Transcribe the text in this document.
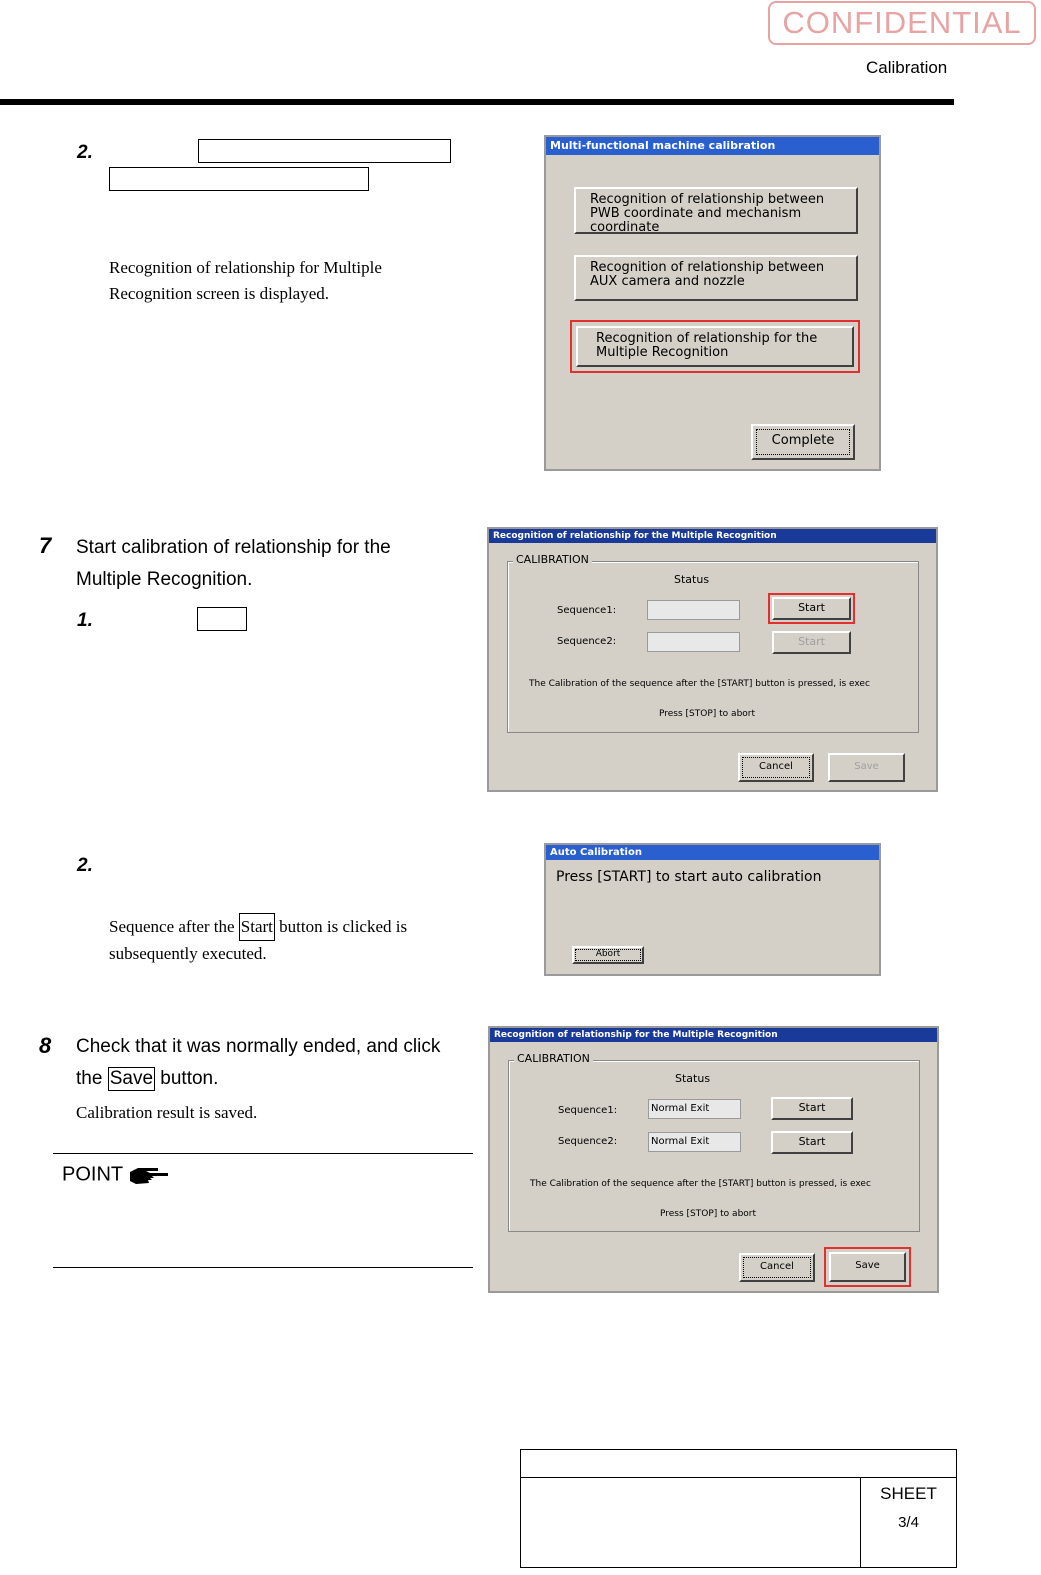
CONFIDENTIAL
Calibration
2.
Recognition of relationship for Multiple Recognition screen is displayed.
Multi-functional machine calibration
Recognition of relationship between PWB coordinate and mechanism coordinate
Recognition of relationship between AUX camera and nozzle
Recognition of relationship for the Multiple Recognition
Complete
7 Start calibration of relationship for the Multiple Recognition.
1.
Recognition of relationship for the Multiple Recognition
CALIBRATION
Status
Sequence1:	Start
Sequence2:	Start
The Calibration of the sequence after the [START] button is pressed, is exec
Press [STOP] to abort
Cancel	Save
2.
Sequence after the Start button is clicked is subsequently executed.
Auto Calibration
Press [START] to start auto calibration
Abort
8 Check that it was normally ended, and click the Save button.
Calibration result is saved.
POINT
Recognition of relationship for the Multiple Recognition
CALIBRATION
Status
Sequence1:	Normal Exit	Start
Sequence2:	Normal Exit	Start
The Calibration of the sequence after the [START] button is pressed, is exec
Press [STOP] to abort
Cancel	Save
SHEET
3/4
